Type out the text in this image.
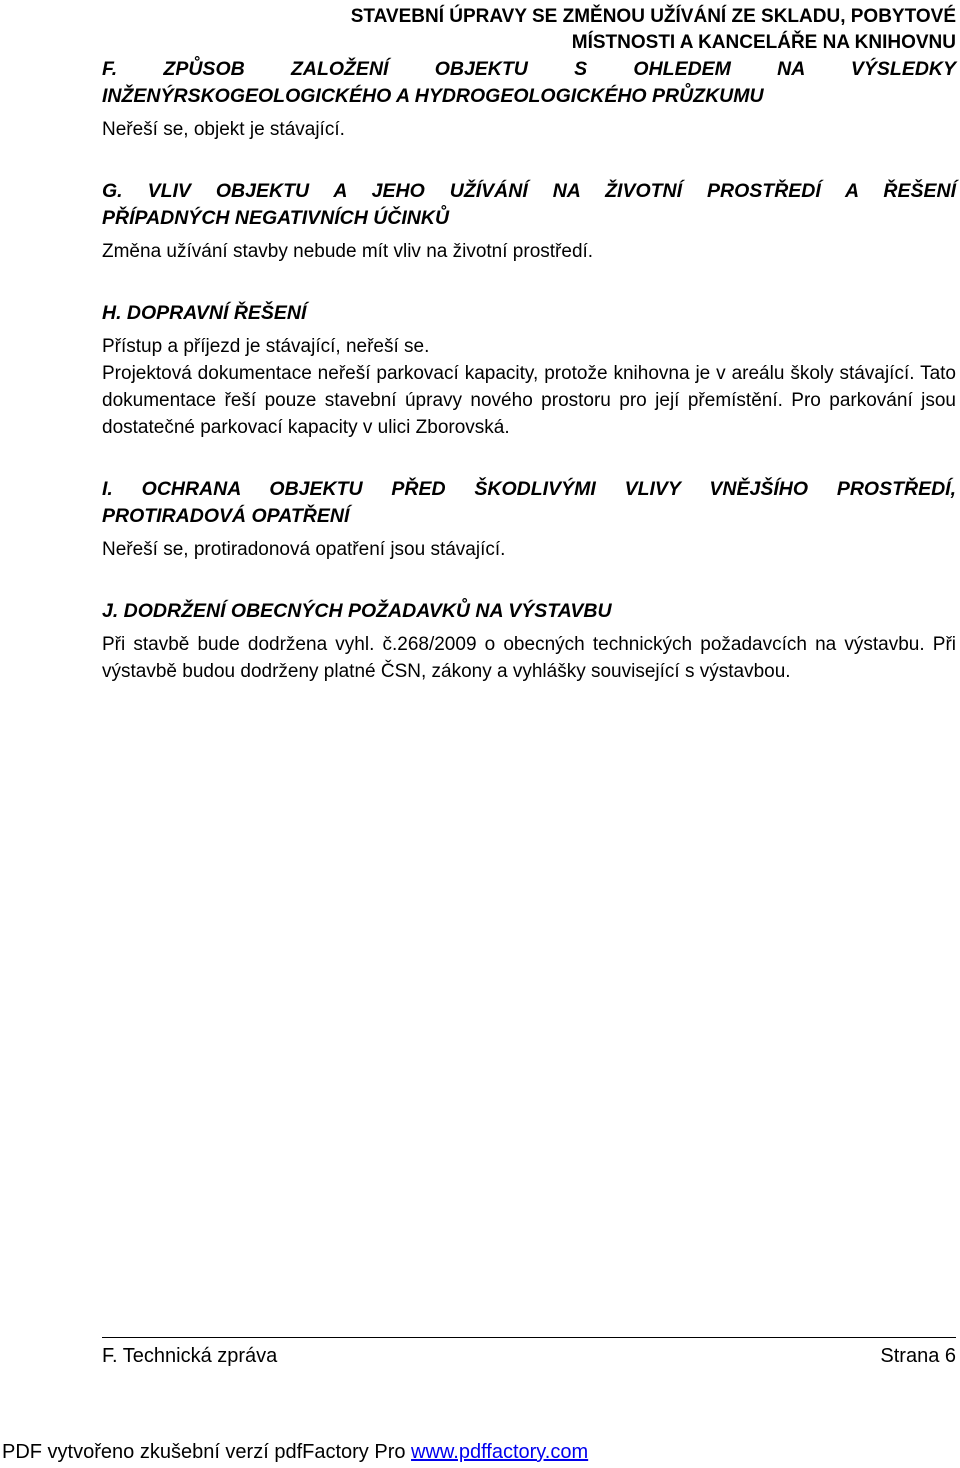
STAVEBNÍ ÚPRAVY SE ZMĚNOU UŽÍVÁNÍ ZE SKLADU, POBYTOVÉ
MÍSTNOSTI A KANCELÁŘE NA KNIHOVNU

F. ZPŮSOB ZALOŽENÍ OBJEKTU S OHLEDEM NA VÝSLEDKY

INŽENÝRSKOGEOLOGICKÉHO A HYDROGEOLOGICKÉHO PRŮZKUMU

Neřeší se, objekt je stávající.

G. VLIV OBJEKTU A JEHO UŽÍVÁNÍ NA ŽIVOTNÍ PROSTŘEDÍ A ŘEŠENÍ

PŘÍPADNÝCH NEGATIVNÍCH ÚČINKŮ

Změna užívání stavby nebude mít vliv na životní prostředí.

H. DOPRAVNÍ ŘEŠENÍ

Přístup a příjezd je stávající, neřeší se.

Projektová dokumentace neřeší parkovací kapacity, protože knihovna je v areálu školy stávající. Tato dokumentace řeší pouze stavební úpravy nového prostoru pro její přemístění. Pro parkování jsou dostatečné parkovací kapacity v ulici Zborovská.

I. OCHRANA OBJEKTU PŘED ŠKODLIVÝMI VLIVY VNĚJŠÍHO PROSTŘEDÍ,

PROTIRADOVÁ OPATŘENÍ

Neřeší se, protiradonová opatření jsou stávající.

J. DODRŽENÍ OBECNÝCH POŽADAVKŮ NA VÝSTAVBU

Při stavbě bude dodržena vyhl. č.268/2009 o obecných technických požadavcích na výstavbu. Při výstavbě budou dodrženy platné ČSN, zákony a vyhlášky související s výstavbou.

F. Technická zpráva	Strana 6
PDF vytvořeno zkušební verzí pdfFactory Pro www.pdffactory.com
